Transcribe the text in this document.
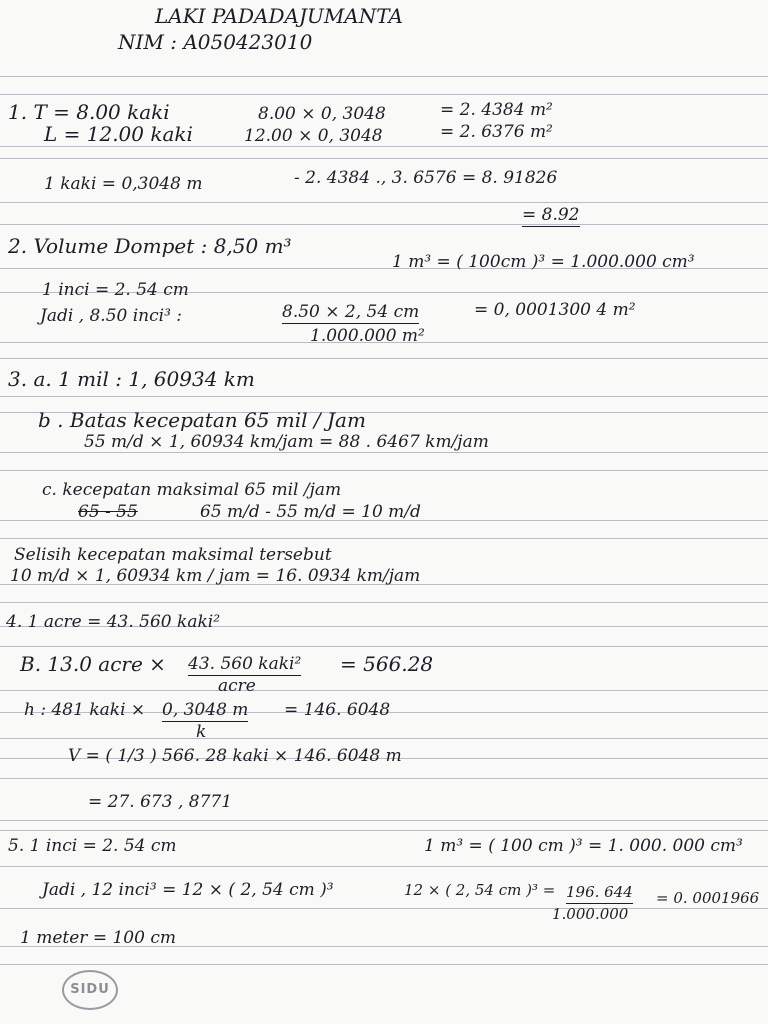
LAKI PADADAJUMANTA
NIM : A050423010
1. T = 8.00 kaki	8.00 × 0, 3048	= 2. 4384 m²
L = 12.00 kaki	12.00 × 0, 3048	= 2. 6376 m²
1 kaki = 0,3048 m	- 2. 4384 ., 3. 6576 = 8. 91826
= 8.92
2. Volume Dompet : 8,50 m³
1 m³ = ( 100cm )³ = 1.000.000 cm³
1 inci = 2. 54 cm
Jadi , 8.50 inci³ :	8.50 × 2, 54 cm
1.000.000 m²
= 0, 0001300 4 m²
3. a. 1 mil : 1, 60934 km
b . Batas kecepatan 65 mil / Jam
55 m/d × 1, 60934 km/jam = 88 . 6467 km/jam
c. kecepatan maksimal 65 mil /jam
65 - 55	65 m/d - 55 m/d = 10 m/d
Selisih kecepatan maksimal tersebut
10 m/d × 1, 60934 km / jam = 16. 0934 km/jam
4. 1 acre = 43. 560 kaki²
B. 13.0 acre × 43. 560 kaki²
acre
= 566.28
h : 481 kaki × 0, 3048 m
k
= 146. 6048
V = ( 1/3 ) 566. 28 kaki × 146. 6048 m
= 27. 673 , 8771
5. 1 inci = 2. 54 cm	1 m³ = ( 100 cm )³ = 1. 000. 000 cm³
Jadi , 12 inci³ = 12 × ( 2, 54 cm )³	12 × ( 2, 54 cm )³ = 196. 644
1.000.000
= 0. 0001966
1 meter = 100 cm
SIDU
